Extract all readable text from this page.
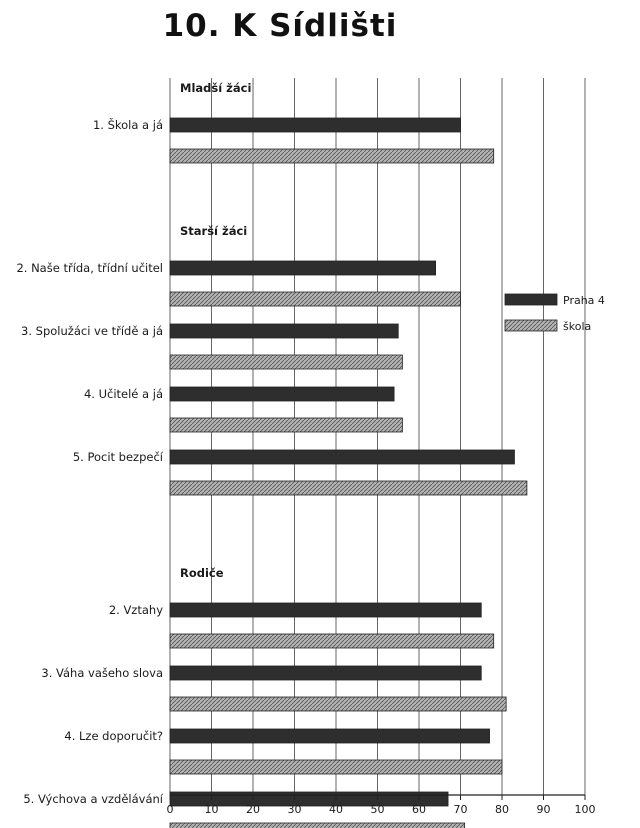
10. K Sídlišti
Mladší žáci
1. Škola a já
Starší žáci
2. Naše třída, třídní učitel
3. Spolužáci ve třídě a já
4. Učitelé a já
5. Pocit bezpečí
Rodiče
2. Vztahy
3. Váha vašeho slova
4. Lze doporučit?
5. Výchova a vzdělávání
0	10	20	30	40	50	60	70	80	90 100
Praha 4
škola
